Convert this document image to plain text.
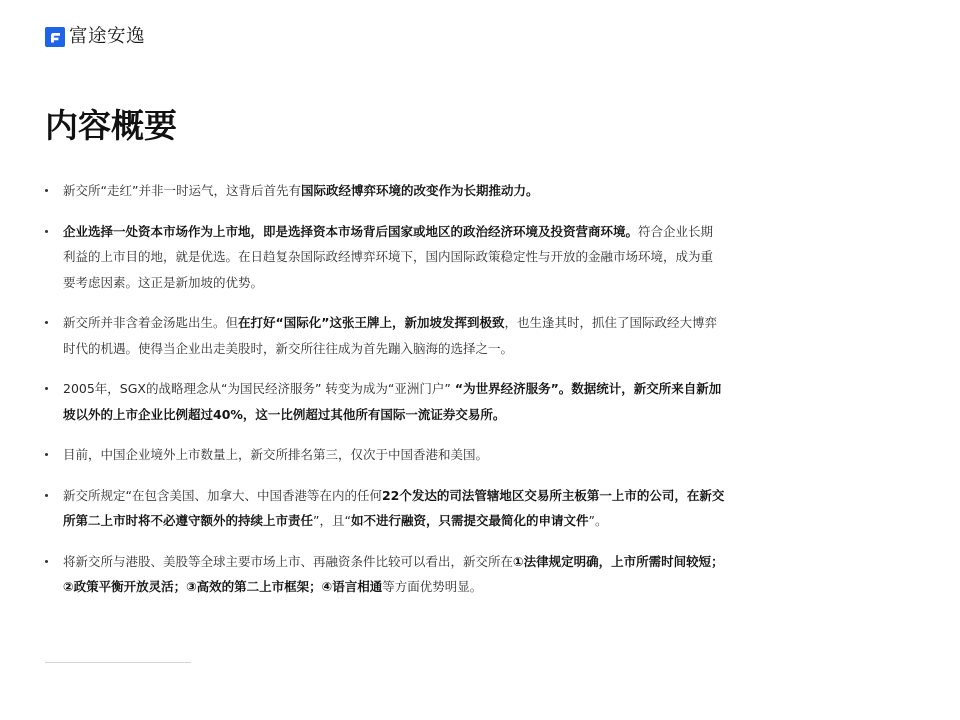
富途安逸
内容概要
新交所“走红”并非一时运气，这背后首先有国际政经博弈环境的改变作为长期推动力。
企业选择一处资本市场作为上市地，即是选择资本市场背后国家或地区的政治经济环境及投资营商环境。符合企业长期利益的上市目的地，就是优选。在日趋复杂国际政经博弈环境下，国内国际政策稳定性与开放的金融市场环境，成为重要考虑因素。这正是新加坡的优势。
新交所并非含着金汤匙出生。但在打好“国际化”这张王牌上，新加坡发挥到极致，也生逢其时，抓住了国际政经大博弈时代的机遇。使得当企业出走美股时，新交所往往成为首先蹦入脑海的选择之一。
2005年，SGX的战略理念从“为国民经济服务” 转变为成为“亚洲门户” “为世界经济服务”。数据统计，新交所来自新加坡以外的上市企业比例超过40%，这一比例超过其他所有国际一流证券交易所。
目前，中国企业境外上市数量上，新交所排名第三，仅次于中国香港和美国。
新交所规定“在包含美国、加拿大、中国香港等在内的任何22个发达的司法管辖地区交易所主板第一上市的公司，在新交所第二上市时将不必遵守额外的持续上市责任”，且“如不进行融资，只需提交最简化的申请文件”。
将新交所与港股、美股等全球主要市场上市、再融资条件比较可以看出，新交所在①法律规定明确，上市所需时间较短；②政策平衡开放灵活；③高效的第二上市框架；④语言相通等方面优势明显。
